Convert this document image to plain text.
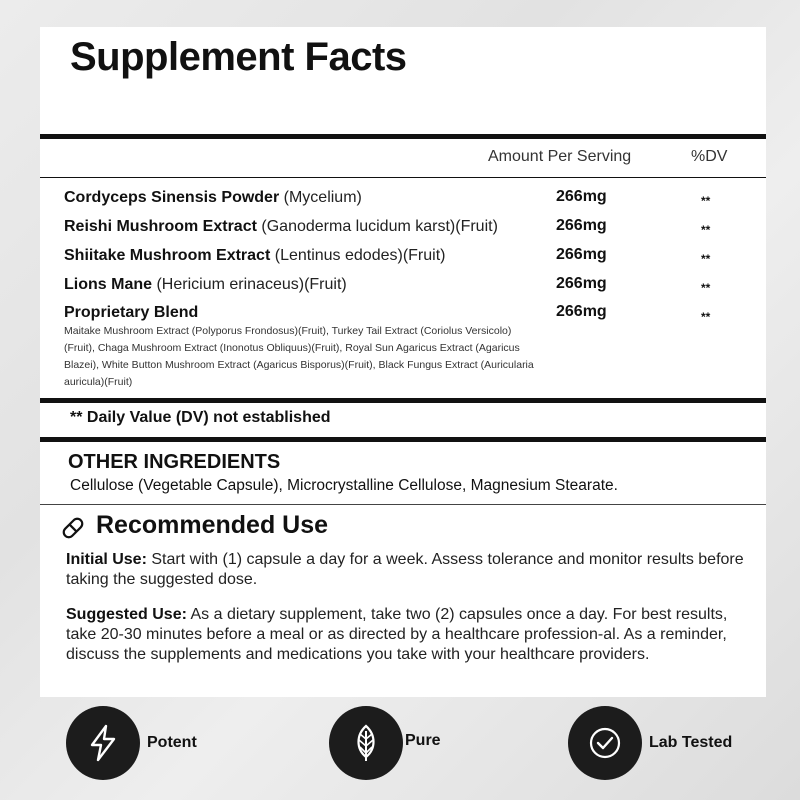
Supplement Facts
Amount Per Serving	%DV
Cordyceps Sinensis Powder (Mycelium)	266mg	**
Reishi Mushroom Extract (Ganoderma lucidum karst)(Fruit)	266mg	**
Shiitake Mushroom Extract (Lentinus edodes)(Fruit)	266mg	**
Lions Mane (Hericium erinaceus)(Fruit)	266mg	**
Proprietary Blend	266mg	**
Maitake Mushroom Extract (Polyporus Frondosus)(Fruit), Turkey Tail Extract (Coriolus Versicolo)(Fruit), Chaga Mushroom Extract (Inonotus Obliquus)(Fruit), Royal Sun Agaricus Extract (Agaricus Blazei), White Button Mushroom Extract (Agaricus Bisporus)(Fruit), Black Fungus Extract (Auricularia auricula)(Fruit)
** Daily Value (DV) not established
OTHER INGREDIENTS
Cellulose (Vegetable Capsule), Microcrystalline Cellulose, Magnesium Stearate.
Recommended Use
Initial Use: Start with (1) capsule a day for a week. Assess tolerance and monitor results before taking the suggested dose.
Suggested Use: As a dietary supplement, take two (2) capsules once a day. For best results, take 20-30 minutes before a meal or as directed by a healthcare profession-al. As a reminder, discuss the supplements and medications you take with your healthcare providers.
Potent	Pure	Lab Tested
